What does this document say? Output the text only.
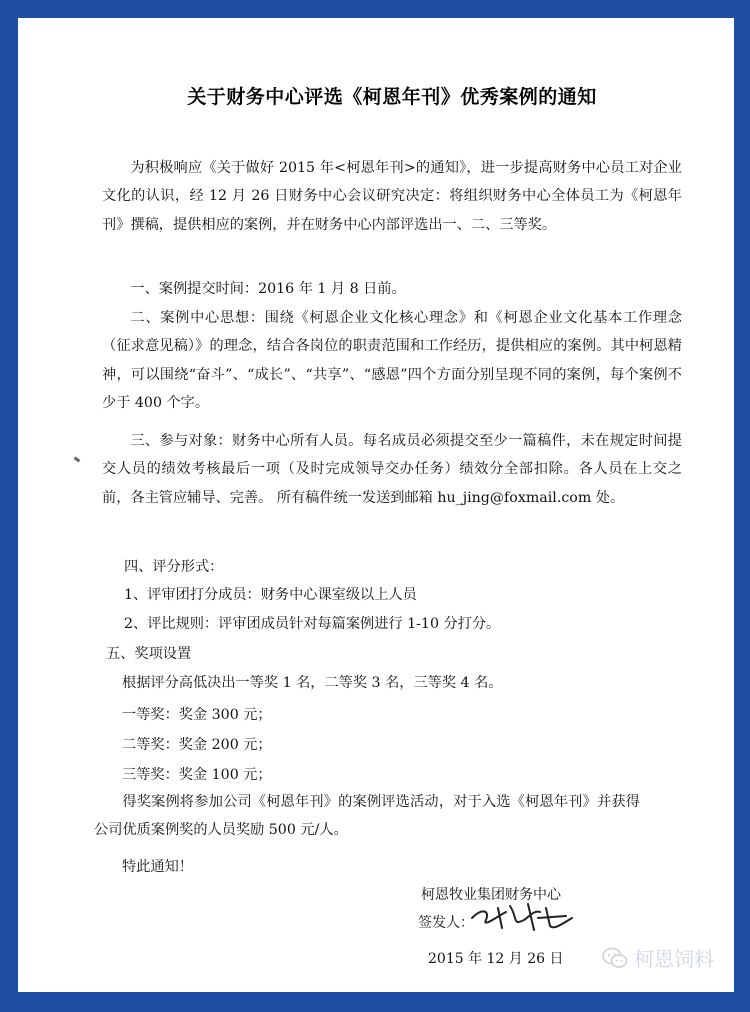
关于财务中心评选《柯恩年刊》优秀案例的通知

为积极响应《关于做好 2015 年<柯恩年刊>的通知》，进一步提高财务中心员工对企业文化的认识，经 12 月 26 日财务中心会议研究决定：将组织财务中心全体员工为《柯恩年刊》撰稿，提供相应的案例，并在财务中心内部评选出一、二、三等奖。

一、案例提交时间：2016 年 1 月 8 日前。

二、案例中心思想：围绕《柯恩企业文化核心理念》和《柯恩企业文化基本工作理念（征求意见稿）》的理念，结合各岗位的职责范围和工作经历，提供相应的案例。其中柯恩精神，可以围绕“奋斗”、“成长”、“共享”、“感恩”四个方面分别呈现不同的案例，每个案例不少于 400 个字。

三、参与对象：财务中心所有人员。每名成员必须提交至少一篇稿件，未在规定时间提交人员的绩效考核最后一项（及时完成领导交办任务）绩效分全部扣除。各人员在上交之前，各主管应辅导、完善。 所有稿件统一发送到邮箱 hu_jing@foxmail.com 处。

四、评分形式：
1、评审团打分成员：财务中心课室级以上人员
2、评比规则：评审团成员针对每篇案例进行 1-10 分打分。
五、奖项设置
根据评分高低决出一等奖 1 名，二等奖 3 名，三等奖 4 名。
一等奖：奖金 300 元；
二等奖：奖金 200 元；
三等奖：奖金 100 元；

得奖案例将参加公司《柯恩年刊》的案例评选活动，对于入选《柯恩年刊》并获得公司优质案例奖的人员奖励 500 元/人。

特此通知！
柯恩牧业集团财务中心
签发人：
2015 年 12 月 26 日	柯恩饲料
